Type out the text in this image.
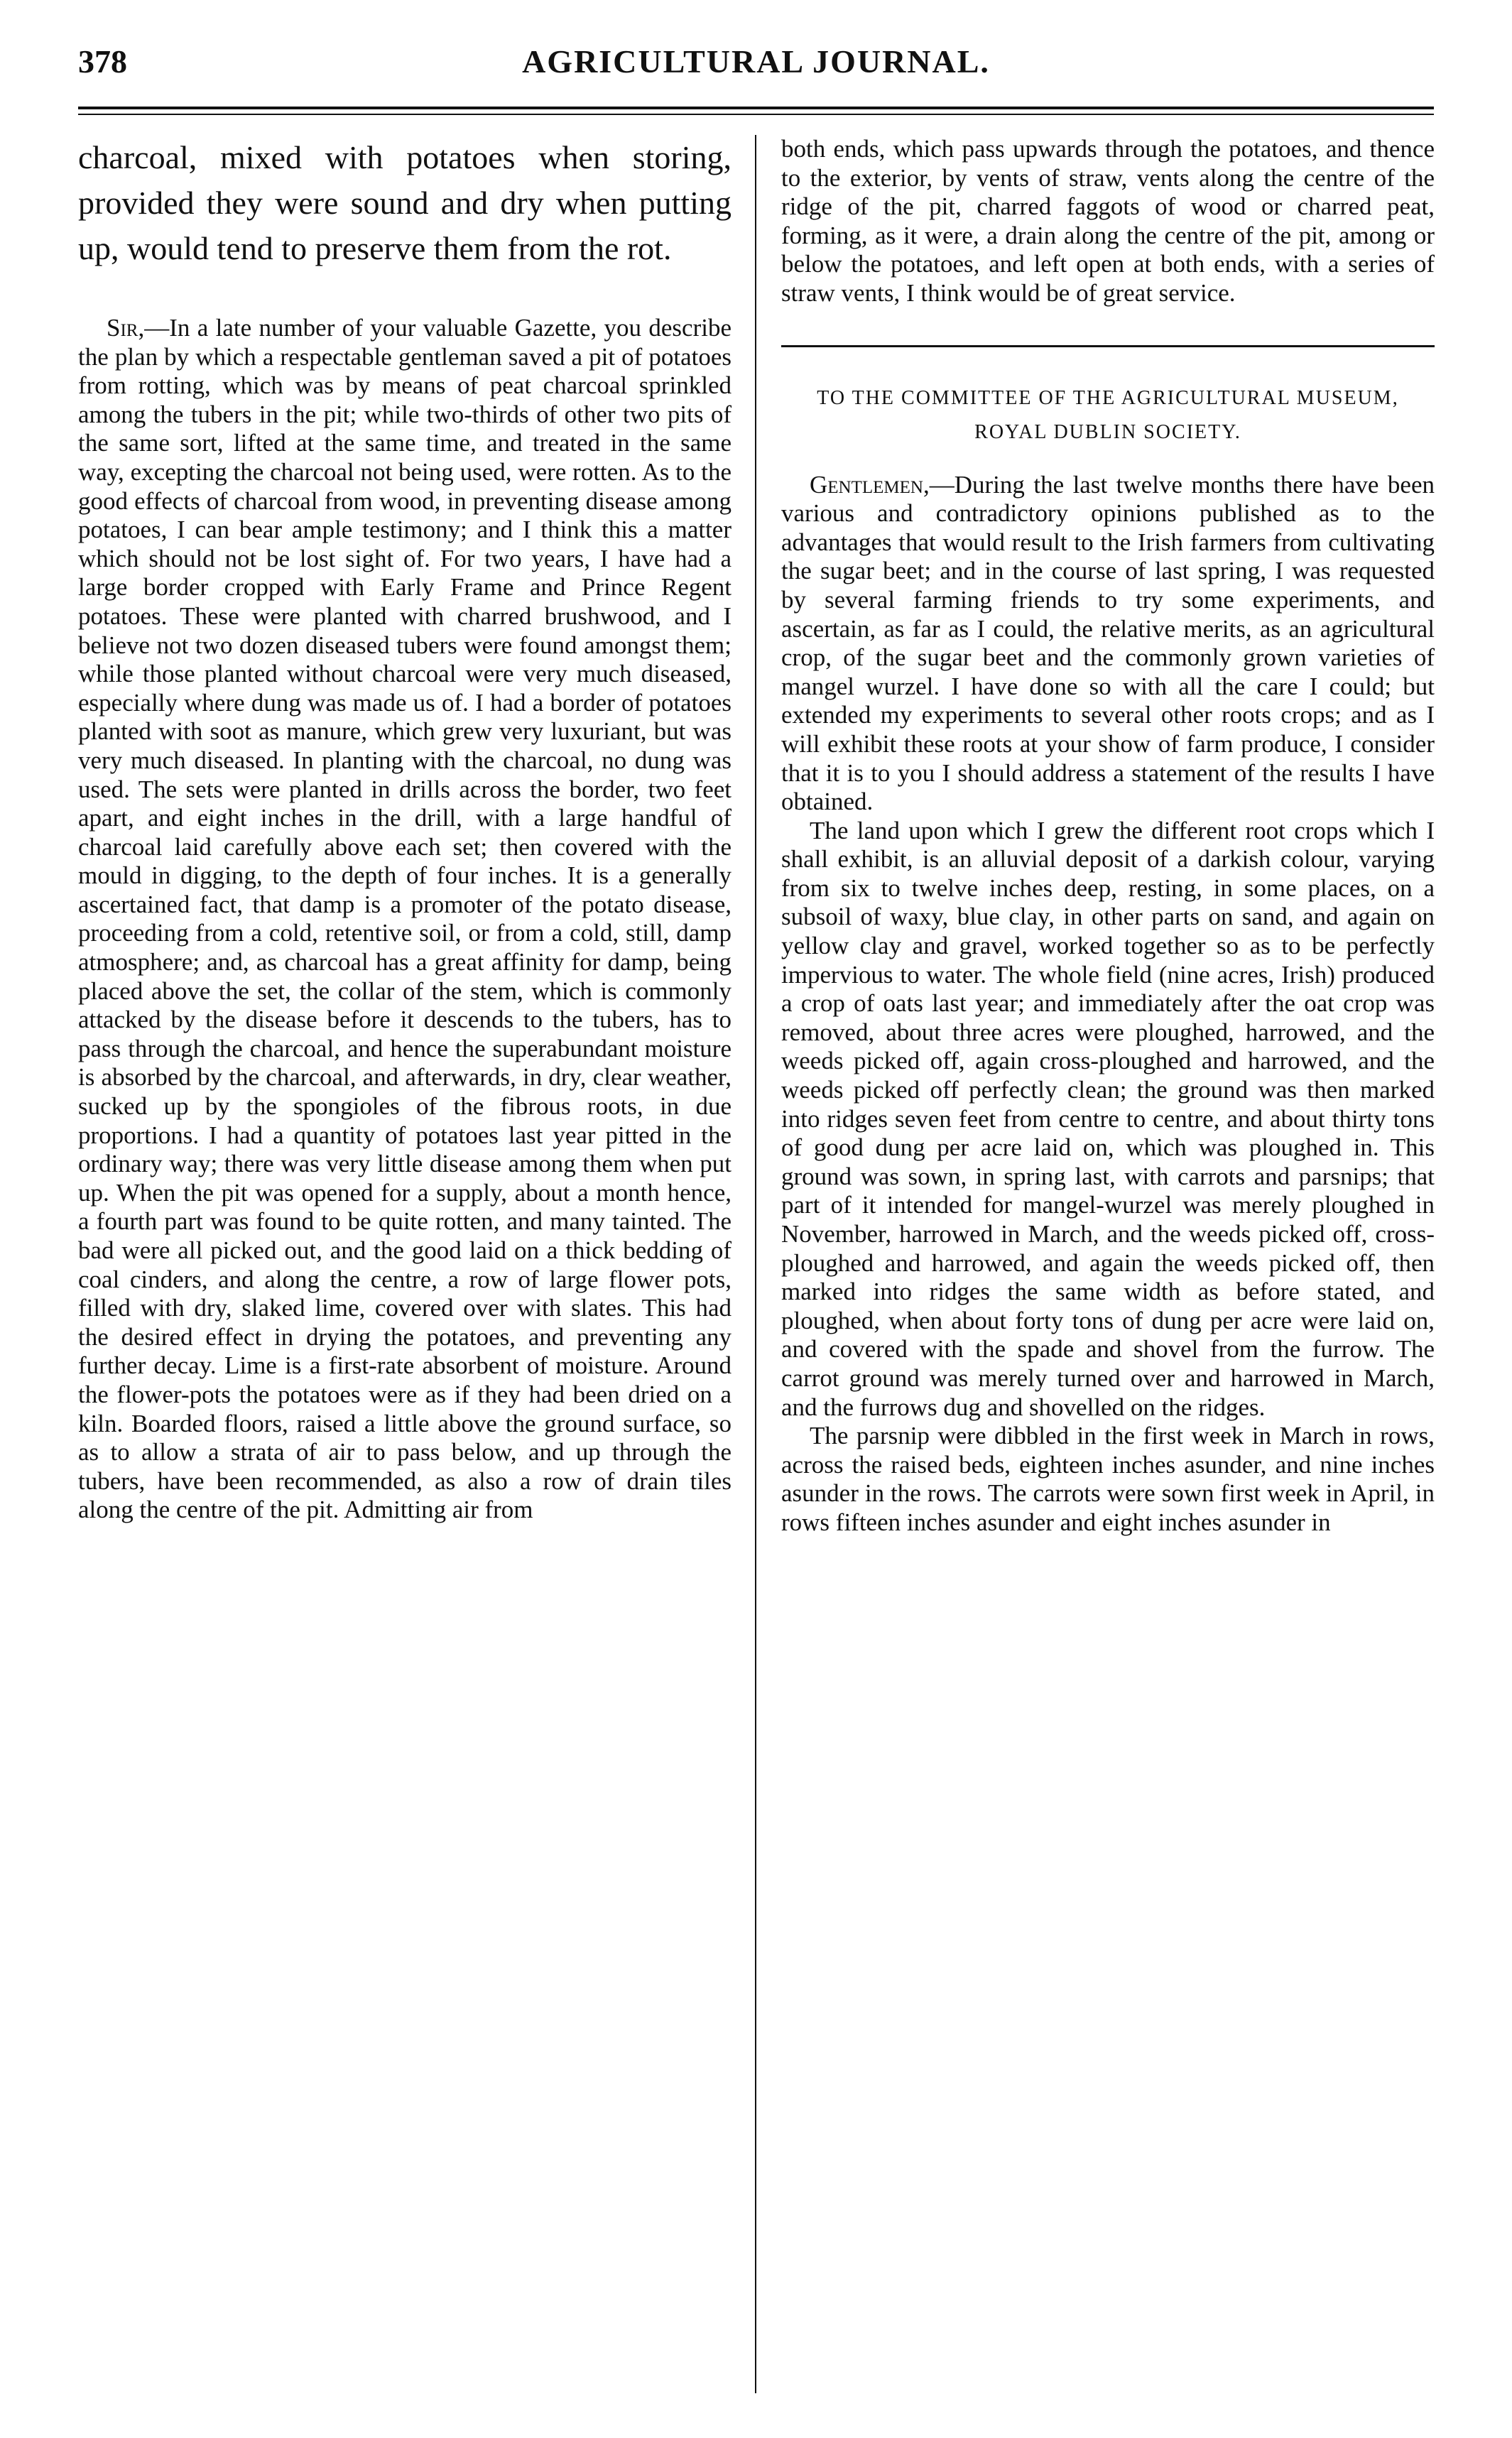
378	AGRICULTURAL JOURNAL.

charcoal, mixed with potatoes when storing, provided they were sound and dry when putting up, would tend to preserve them from the rot.

Sir,—In a late number of your valuable Gazette, you describe the plan by which a respectable gentleman saved a pit of potatoes from rotting, which was by means of peat charcoal sprinkled among the tubers in the pit; while two-thirds of other two pits of the same sort, lifted at the same time, and treated in the same way, excepting the charcoal not being used, were rotten. As to the good effects of charcoal from wood, in preventing disease among potatoes, I can bear ample testimony; and I think this a matter which should not be lost sight of. For two years, I have had a large border cropped with Early Frame and Prince Regent potatoes. These were planted with charred brushwood, and I believe not two dozen diseased tubers were found amongst them; while those planted without charcoal were very much diseased, especially where dung was made us of. I had a border of potatoes planted with soot as manure, which grew very luxuriant, but was very much diseased. In planting with the charcoal, no dung was used. The sets were planted in drills across the border, two feet apart, and eight inches in the drill, with a large handful of charcoal laid carefully above each set; then covered with the mould in digging, to the depth of four inches. It is a generally ascertained fact, that damp is a promoter of the potato disease, proceeding from a cold, retentive soil, or from a cold, still, damp atmosphere; and, as charcoal has a great affinity for damp, being placed above the set, the collar of the stem, which is commonly attacked by the disease before it descends to the tubers, has to pass through the charcoal, and hence the superabundant moisture is absorbed by the charcoal, and afterwards, in dry, clear weather, sucked up by the spongioles of the fibrous roots, in due proportions. I had a quantity of potatoes last year pitted in the ordinary way; there was very little disease among them when put up. When the pit was opened for a supply, about a month hence, a fourth part was found to be quite rotten, and many tainted. The bad were all picked out, and the good laid on a thick bedding of coal cinders, and along the centre, a row of large flower pots, filled with dry, slaked lime, covered over with slates. This had the desired effect in drying the potatoes, and preventing any further decay. Lime is a first-rate absorbent of moisture. Around the flower-pots the potatoes were as if they had been dried on a kiln. Boarded floors, raised a little above the ground surface, so as to allow a strata of air to pass below, and up through the tubers, have been recommended, as also a row of drain tiles along the centre of the pit. Admitting air from

both ends, which pass upwards through the potatoes, and thence to the exterior, by vents of straw, vents along the centre of the ridge of the pit, charred faggots of wood or charred peat, forming, as it were, a drain along the centre of the pit, among or below the potatoes, and left open at both ends, with a series of straw vents, I think would be of great service.

TO THE COMMITTEE OF THE AGRICULTURAL MUSEUM, ROYAL DUBLIN SOCIETY.

Gentlemen,—During the last twelve months there have been various and contradictory opinions published as to the advantages that would result to the Irish farmers from cultivating the sugar beet; and in the course of last spring, I was requested by several farming friends to try some experiments, and ascertain, as far as I could, the relative merits, as an agricultural crop, of the sugar beet and the commonly grown varieties of mangel wurzel. I have done so with all the care I could; but extended my experiments to several other roots crops; and as I will exhibit these roots at your show of farm produce, I consider that it is to you I should address a statement of the results I have obtained.

The land upon which I grew the different root crops which I shall exhibit, is an alluvial deposit of a darkish colour, varying from six to twelve inches deep, resting, in some places, on a subsoil of waxy, blue clay, in other parts on sand, and again on yellow clay and gravel, worked together so as to be perfectly impervious to water. The whole field (nine acres, Irish) produced a crop of oats last year; and immediately after the oat crop was removed, about three acres were ploughed, harrowed, and the weeds picked off, again cross-ploughed and harrowed, and the weeds picked off perfectly clean; the ground was then marked into ridges seven feet from centre to centre, and about thirty tons of good dung per acre laid on, which was ploughed in. This ground was sown, in spring last, with carrots and parsnips; that part of it intended for mangel-wurzel was merely ploughed in November, harrowed in March, and the weeds picked off, cross-ploughed and harrowed, and again the weeds picked off, then marked into ridges the same width as before stated, and ploughed, when about forty tons of dung per acre were laid on, and covered with the spade and shovel from the furrow. The carrot ground was merely turned over and harrowed in March, and the furrows dug and shovelled on the ridges.

The parsnip were dibbled in the first week in March in rows, across the raised beds, eighteen inches asunder, and nine inches asunder in the rows. The carrots were sown first week in April, in rows fifteen inches asunder and eight inches asunder in
